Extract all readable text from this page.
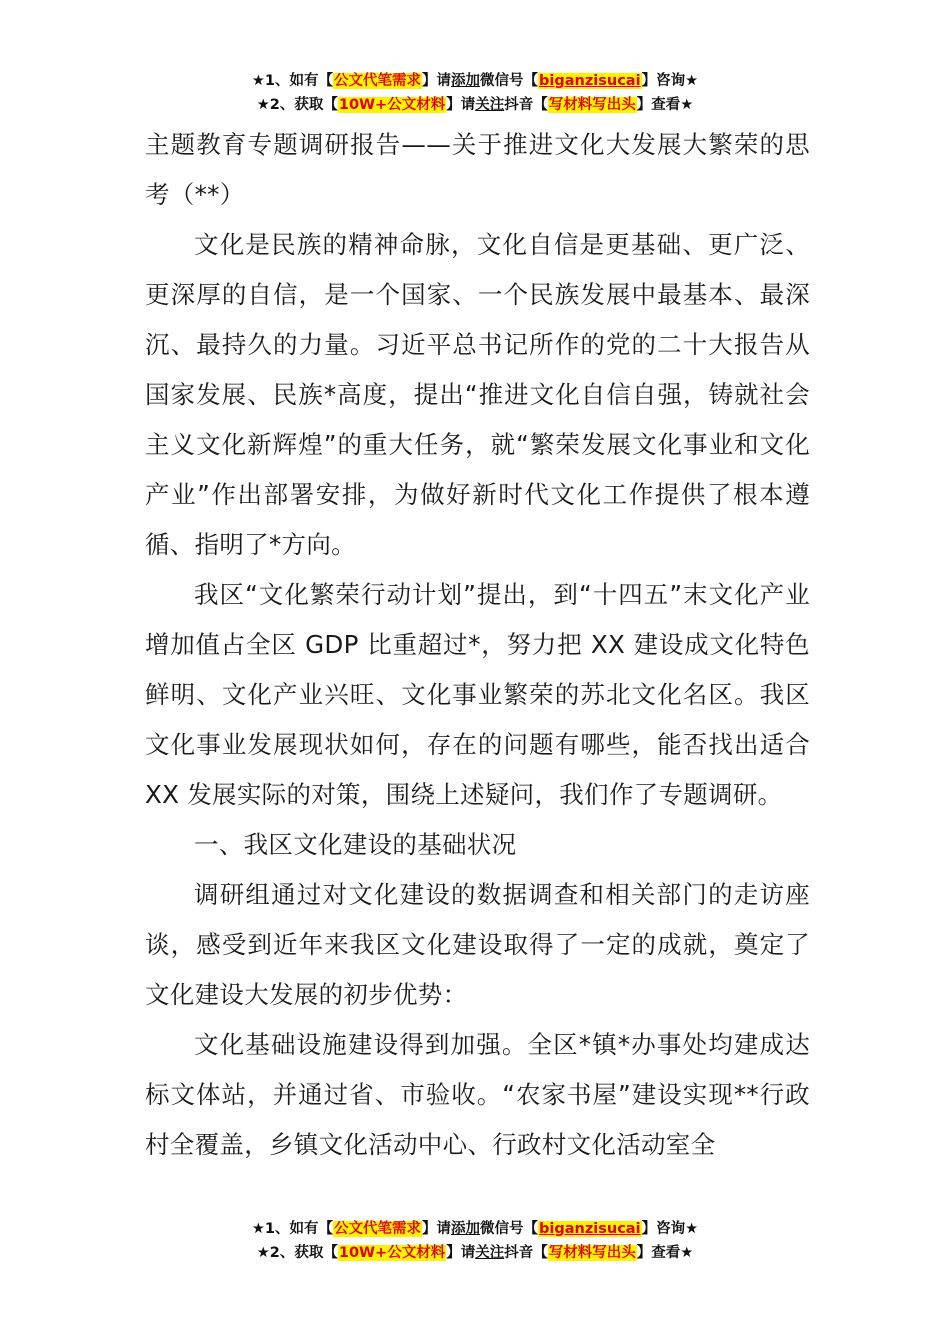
★1、如有【公文代笔需求】请添加微信号【biganzisucai】咨询★
★2、获取【10W+公文材料】请关注抖音【写材料写出头】查看★

主题教育专题调研报告——关于推进文化大发展大繁荣的思考（**）

文化是民族的精神命脉，文化自信是更基础、更广泛、更深厚的自信，是一个国家、一个民族发展中最基本、最深沉、最持久的力量。习近平总书记所作的党的二十大报告从国家发展、民族*高度，提出“推进文化自信自强，铸就社会主义文化新辉煌”的重大任务，就“繁荣发展文化事业和文化产业”作出部署安排，为做好新时代文化工作提供了根本遵循、指明了*方向。

我区“文化繁荣行动计划”提出，到“十四五”末文化产业增加值占全区 GDP 比重超过*，努力把 XX 建设成文化特色鲜明、文化产业兴旺、文化事业繁荣的苏北文化名区。我区文化事业发展现状如何，存在的问题有哪些，能否找出适合 XX 发展实际的对策，围绕上述疑问，我们作了专题调研。

一、我区文化建设的基础状况

调研组通过对文化建设的数据调查和相关部门的走访座谈，感受到近年来我区文化建设取得了一定的成就，奠定了文化建设大发展的初步优势：

文化基础设施建设得到加强。全区*镇*办事处均建成达标文体站，并通过省、市验收。“农家书屋”建设实现**行政村全覆盖，乡镇文化活动中心、行政村文化活动室全

★1、如有【公文代笔需求】请添加微信号【biganzisucai】咨询★
★2、获取【10W+公文材料】请关注抖音【写材料写出头】查看★
